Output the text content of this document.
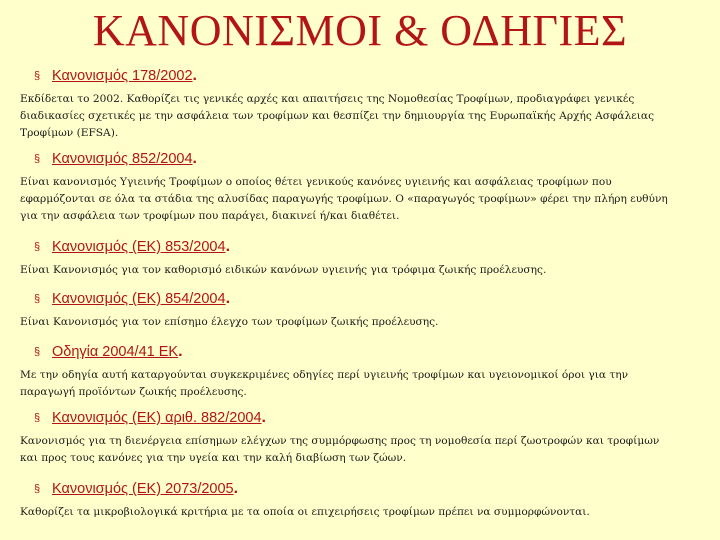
ΚΑΝΟΝΙΣΜΟΙ & ΟΔΗΓΙΕΣ
§ Κανονισμός 178/2002.
Εκδίδεται το 2002. Καθορίζει τις γενικές αρχές και απαιτήσεις της Νομοθεσίας Τροφίμων, προδιαγράφει γενικές
διαδικασίες σχετικές με την ασφάλεια των τροφίμων και θεσπίζει την δημιουργία της Ευρωπαϊκής Αρχής Ασφάλειας
Τροφίμων (EFSA).
§ Κανονισμός 852/2004.
Είναι κανονισμός Υγιεινής Τροφίμων ο οποίος θέτει γενικούς κανόνες υγιεινής και ασφάλειας τροφίμων που
εφαρμόζονται σε όλα τα στάδια της αλυσίδας παραγωγής τροφίμων. Ο «παραγωγός τροφίμων» φέρει την πλήρη ευθύνη
για την ασφάλεια των τροφίμων που παράγει, διακινεί ή/και διαθέτει.
§ Κανονισμός (ΕΚ) 853/2004.
Είναι Κανονισμός για τον καθορισμό ειδικών κανόνων υγιεινής για τρόφιμα ζωικής προέλευσης.
§ Κανονισμός (ΕΚ) 854/2004.
Είναι Κανονισμός για τον επίσημο έλεγχο των τροφίμων ζωικής προέλευσης.
§ Οδηγία 2004/41 ΕΚ.
Με την οδηγία αυτή καταργούνται συγκεκριμένες οδηγίες περί υγιεινής τροφίμων και υγειονομικοί όροι για την
παραγωγή προϊόντων ζωικής προέλευσης.
§ Κανονισμός (ΕΚ) αριθ. 882/2004.
Κανονισμός για τη διενέργεια επίσημων ελέγχων της συμμόρφωσης προς τη νομοθεσία περί ζωοτροφών και τροφίμων
και προς τους κανόνες για την υγεία και την καλή διαβίωση των ζώων.
§ Κανονισμός (ΕΚ) 2073/2005.
Καθορίζει τα μικροβιολογικά κριτήρια με τα οποία οι επιχειρήσεις τροφίμων πρέπει να συμμορφώνονται.
